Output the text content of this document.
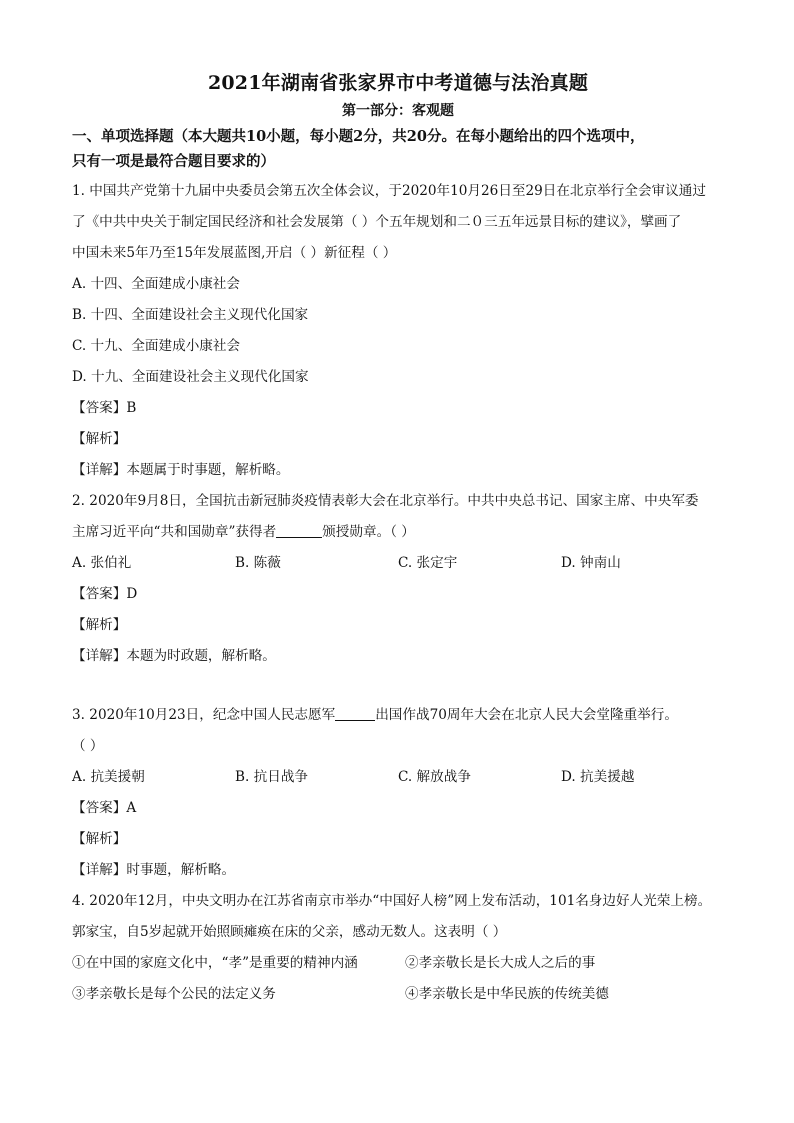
2021年湖南省张家界市中考道德与法治真题
第一部分：客观题
一、单项选择题（本大题共10小题，每小题2分，共20分。在每小题给出的四个选项中，
只有一项是最符合题目要求的）

1. 中国共产党第十九届中央委员会第五次全体会议，于2020年10月26日至29日在北京举行全会审议通过

了《中共中央关于制定国民经济和社会发展第（ ）个五年规划和二０三五年远景目标的建议》，擘画了

中国未来5年乃至15年发展蓝图,开启（ ）新征程（ ）

A. 十四、全面建成小康社会

B. 十四、全面建设社会主义现代化国家

C. 十九、全面建成小康社会

D. 十九、全面建设社会主义现代化国家

【答案】B

【解析】

【详解】本题属于时事题，解析略。

2. 2020年9月8日，全国抗击新冠肺炎疫情表彰大会在北京举行。中共中央总书记、国家主席、中央军委

主席习近平向“共和国勋章”获得者	颁授勋章。（ ）

A. 张伯礼	B. 陈薇	C. 张定宇	D. 钟南山

【答案】D

【解析】

【详解】本题为时政题，解析略。

3. 2020年10月23日，纪念中国人民志愿军	出国作战70周年大会在北京人民大会堂隆重举行。

（ ）

A. 抗美援朝	B. 抗日战争	C. 解放战争	D. 抗美援越

【答案】A

【解析】

【详解】时事题，解析略。

4. 2020年12月，中央文明办在江苏省南京市举办“中国好人榜”网上发布活动，101名身边好人光荣上榜。

郭家宝，自5岁起就开始照顾瘫痪在床的父亲，感动无数人。这表明（ ）

①在中国的家庭文化中，“孝”是重要的精神内涵	②孝亲敬长是长大成人之后的事
③孝亲敬长是每个公民的法定义务	④孝亲敬长是中华民族的传统美德
